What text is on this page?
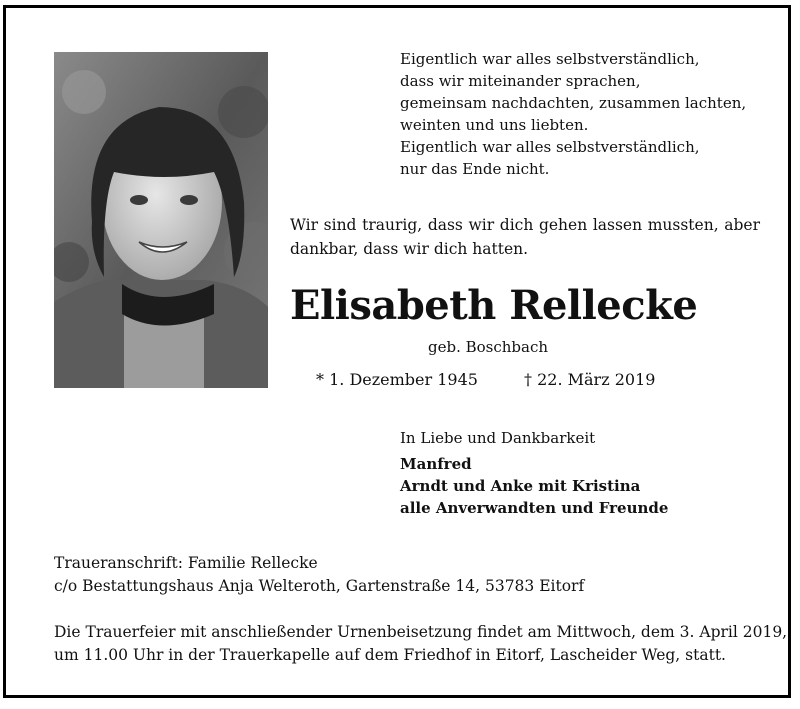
Eigentlich war alles selbstverständlich,
dass wir miteinander sprachen,
gemeinsam nachdachten, zusammen lachten,
weinten und uns liebten.
Eigentlich war alles selbstverständlich,
nur das Ende nicht.
Wir sind traurig, dass wir dich gehen lassen mussten, aber dankbar, dass wir dich hatten.
Elisabeth Rellecke
geb. Boschbach
* 1. Dezember 1945	† 22. März 2019
In Liebe und Dankbarkeit
Manfred
Arndt und Anke mit Kristina
alle Anverwandten und Freunde
Traueranschrift: Familie Rellecke
c/o Bestattungshaus Anja Welteroth, Gartenstraße 14, 53783 Eitorf
Die Trauerfeier mit anschließender Urnenbeisetzung findet am Mittwoch, dem 3. April 2019,
um 11.00 Uhr in der Trauerkapelle auf dem Friedhof in Eitorf, Lascheider Weg, statt.
